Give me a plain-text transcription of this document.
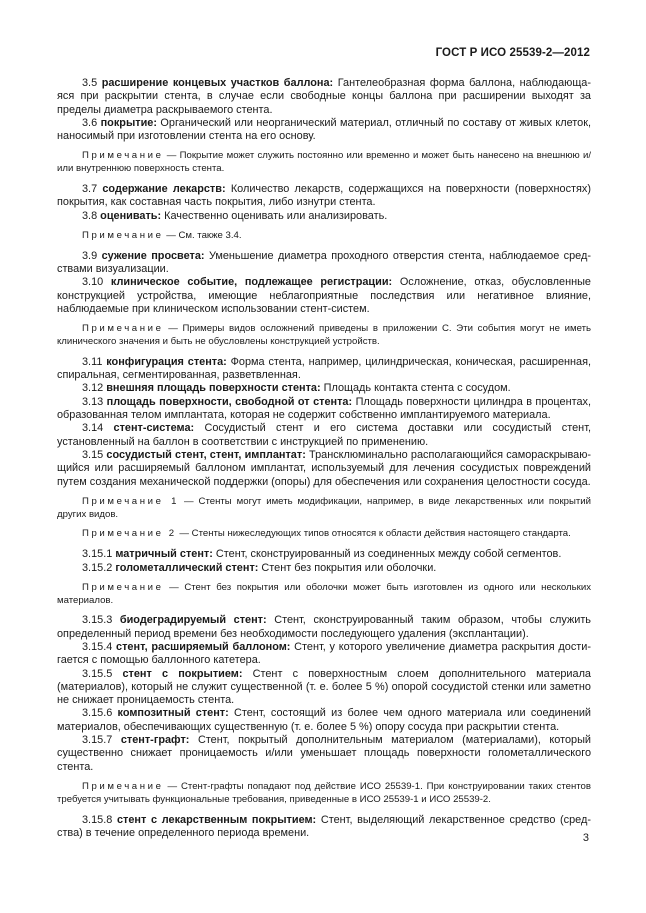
ГОСТ Р ИСО 25539-2—2012

3.5 расширение концевых участков баллона: Гантелеобразная форма баллона, наблюдающаяся при раскрытии стента, в случае если свободные концы баллона при расширении выходят за пределы диаметра раскрываемого стента.

3.6 покрытие: Органический или неорганический материал, отличный по составу от живых клеток, наносимый при изготовлении стента на его основу.

Примечание — Покрытие может служить постоянно или временно и может быть нанесено на внешнюю и/или внутреннюю поверхность стента.

3.7 содержание лекарств: Количество лекарств, содержащихся на поверхности (поверхностях) покрытия, как составная часть покрытия, либо изнутри стента.

3.8 оценивать: Качественно оценивать или анализировать.

Примечание — См. также 3.4.

3.9 сужение просвета: Уменьшение диаметра проходного отверстия стента, наблюдаемое средствами визуализации.

3.10 клиническое событие, подлежащее регистрации: Осложнение, отказ, обусловленные конструкцией устройства, имеющие неблагоприятные последствия или негативное влияние, наблюдаемые при клиническом использовании стент-систем.

Примечание — Примеры видов осложнений приведены в приложении С. Эти события могут не иметь клинического значения и быть не обусловлены конструкцией устройств.

3.11 конфигурация стента: Форма стента, например, цилиндрическая, коническая, расширенная, спиральная, сегментированная, разветвленная.

3.12 внешняя площадь поверхности стента: Площадь контакта стента с сосудом.

3.13 площадь поверхности, свободной от стента: Площадь поверхности цилиндра в процентах, образованная телом имплантата, которая не содержит собственно имплантируемого материала.

3.14 стент-система: Сосудистый стент и его система доставки или сосудистый стент, установленный на баллон в соответствии с инструкцией по применению.

3.15 сосудистый стент, стент, имплантат: Трансклюминально располагающийся самораскрывающийся или расширяемый баллоном имплантат, используемый для лечения сосудистых повреждений путем создания механической поддержки (опоры) для обеспечения или сохранения целостности сосуда.

Примечание 1 — Стенты могут иметь модификации, например, в виде лекарственных или покрытий других видов.

Примечание 2 — Стенты нижеследующих типов относятся к области действия настоящего стандарта.

3.15.1 матричный стент: Стент, сконструированный из соединенных между собой сегментов.

3.15.2 голометаллический стент: Стент без покрытия или оболочки.

Примечание — Стент без покрытия или оболочки может быть изготовлен из одного или нескольких материалов.

3.15.3 биодеградируемый стент: Стент, сконструированный таким образом, чтобы служить определенный период времени без необходимости последующего удаления (эксплантации).

3.15.4 стент, расширяемый баллоном: Стент, у которого увеличение диаметра раскрытия достигается с помощью баллонного катетера.

3.15.5 стент с покрытием: Стент с поверхностным слоем дополнительного материала (материалов), который не служит существенной (т. е. более 5 %) опорой сосудистой стенки или заметно не снижает проницаемость стента.

3.15.6 композитный стент: Стент, состоящий из более чем одного материала или соединений материалов, обеспечивающих существенную (т. е. более 5 %) опору сосуда при раскрытии стента.

3.15.7 стент-графт: Стент, покрытый дополнительным материалом (материалами), который существенно снижает проницаемость и/или уменьшает площадь поверхности голометаллического стента.

Примечание — Стент-графты попадают под действие ИСО 25539-1. При конструировании таких стентов требуется учитывать функциональные требования, приведенные в ИСО 25539-1 и ИСО 25539-2.

3.15.8 стент с лекарственным покрытием: Стент, выделяющий лекарственное средство (средства) в течение определенного периода времени.	3
